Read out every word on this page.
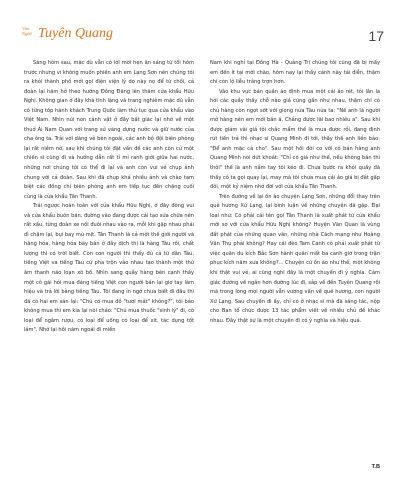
Văn
Nghệ Tuyên Quang	17

Sáng hôm sau, mặc dù vẫn có lời mời hẹn ăn sáng từ tối hôm trước nhưng vì không muốn phiền anh em Lạng Sơn nên chúng tôi ra khỏi thành phố mới gọi điện viện lý do này nọ để từ chối, cả đoàn lại hăm hở theo hướng Đồng Đăng lên thăm cửa khẩu Hữu Nghị. Không gian ở đây khá tĩnh lặng và trang nghiêm mặc dù vẫn có từng tốp hành khách Trung Quốc làm thủ tục qua cửa khẩu vào Việt Nam. Nhìn núi non cảnh vật ở đây bất giác lại nhớ về một thuở Ải Nam Quan với trang sử vàng dựng nước và giữ nước của cha ông ta. Trải với dáng vẻ bên ngoài, các anh bộ đội biên phòng lại rất niềm nở, sau khi chúng tôi đặt vấn đề các anh còn cử một chiến sĩ cùng đi và hướng dẫn rất tỉ mỉ ranh giới giữa hai nước, những nơi chúng tôi có thể đi lại và anh còn vui vẻ chụp ảnh chung với cả đoàn. Sau khi đã chụp khá nhiều ảnh và chào tạm biệt các đồng chí biên phòng anh em tiếp tục đến chặng cuối cùng là cửa khẩu Tân Thanh.

Trải ngược hoàn toàn với cửa khẩu Hữu Nghị, ở đây đông vui và cửa khẩu buôn bán, đường vào đang được cải tạo sửa chữa nên rất xấu, từng đoàn xe nối đuôi nhau vào ra, mỗi khi gặp nhau phải dì chậm lại, bụi bay mù mịt. Tân Thanh là cả một thế giới người và hàng hóa, hàng hóa bày bán ở đây dịch thị là hàng Tàu rồi, chất lượng thì có trời biết. Còn con người thì thấy đủ cả từ dân Tàu, tiếng Việt va tiếng Tàu cứ pha trộn vào nhau tạo thành một thứ âm thanh náo loạn xô bồ. Nhìn sang quầy hàng bên cạnh thấy một cô gái hỏi mua đáng tiếng Việt con người bán lại giơ tay làm hiệu và trả lời bằng tiếng Tàu. Tôi đang ỉn ngớ chưa biết đi đâu thì đã có hai em sán lại: "Chú có mua đồ "tươi mát" không?", tôi bảo không mua thì em kia lại nói chảo: "Chú mua thuốc "sinh lý" đi, có loại để ngâm rượu, có loại để uống có loại để xit, tác dụng tốt lắm". Nhớ lại hồi năm ngoái đi miền

Nam khi nghỉ tại Đồng Hà - Quảng Trị chúng tôi cũng đã bị mấy em đến ít tại mời chào, hôm nay lại thấy cảnh này tái diễn, thậm chí còn lộ liễu trắng trợn hơn.

Vào khu vực bán quần áo định mua một cái áo rét, tôi lân la hỏi các quầy thấy chỗ nào giá cũng gần như nhau, thậm chí có chủ hàng còn ngọt sớt với giọng nửa Tàu nửa ta: "Nế anh là người mở hàng nên em mới bán á. Chẳng được lãi bao nhiêu a". Sau khi được giảm vài giá tôi chắc mẩm thế là mua được rồi, đang định rút tiền trả thì nhạc sĩ Quang Minh đi tới, thấy thế anh liền bảo: "Để anh mặc cả cho". Sau một hồi đôi co với cô bán hàng anh Quang Minh nói dứt khoát: "Chỉ có giá như thế, nếu không bán thì thôi" thế là anh nắm tay tôi kéo đi. Chưa bước ra khỏi quầy đã thấy cô ta gọi quay lại, may mà tôi chưa mua cái áo giá bị đắt gấp đôi, một kỷ niệm nhớ đời với cửa khẩu Tân Thanh.

Trên đường về lại ồn ào chuyện Lạng Sơn, những đổi thay trên quê hương Xứ Lạng, lại bình luận về những chuyện đã gặp. Đại loại như: Có phải cái tên gọi Tân Thanh là xuất phát từ cửa khẩu mới so với cửa khẩu Hữu Nghị không? Huyện Văn Quan là vùng đất phát của những quan văn, những nhà Cách mạng như Hoàng Văn Thụ phải không? Hay cái đèo Tam Canh có phải xuất phát từ việc quân du kích Bắc Sơn hành quân mất ba canh giờ trong trận phục kích năm xưa không?... Chuyện cứ ồn ào như thế, một không khí thật vui vẻ, ai cũng nghĩ đây là một chuyến đi ý nghĩa. Cảm giác đường về ngắn hơn đường lúc đi, sắp về đến Tuyên Quang rồi mà trong lòng mọi người vẫn vương vấn về quê hương, con người Xứ Lạng. Sau chuyến đi ấy, chỉ có ở nhạc sĩ mà đã sáng tác, nộp cho Ban tổ chức được 13 tác phẩm viết về nhiều chủ đề khác nhau. Đây thật sự là một chuyến đi có ý nghĩa và hiệu quả.

T.B
